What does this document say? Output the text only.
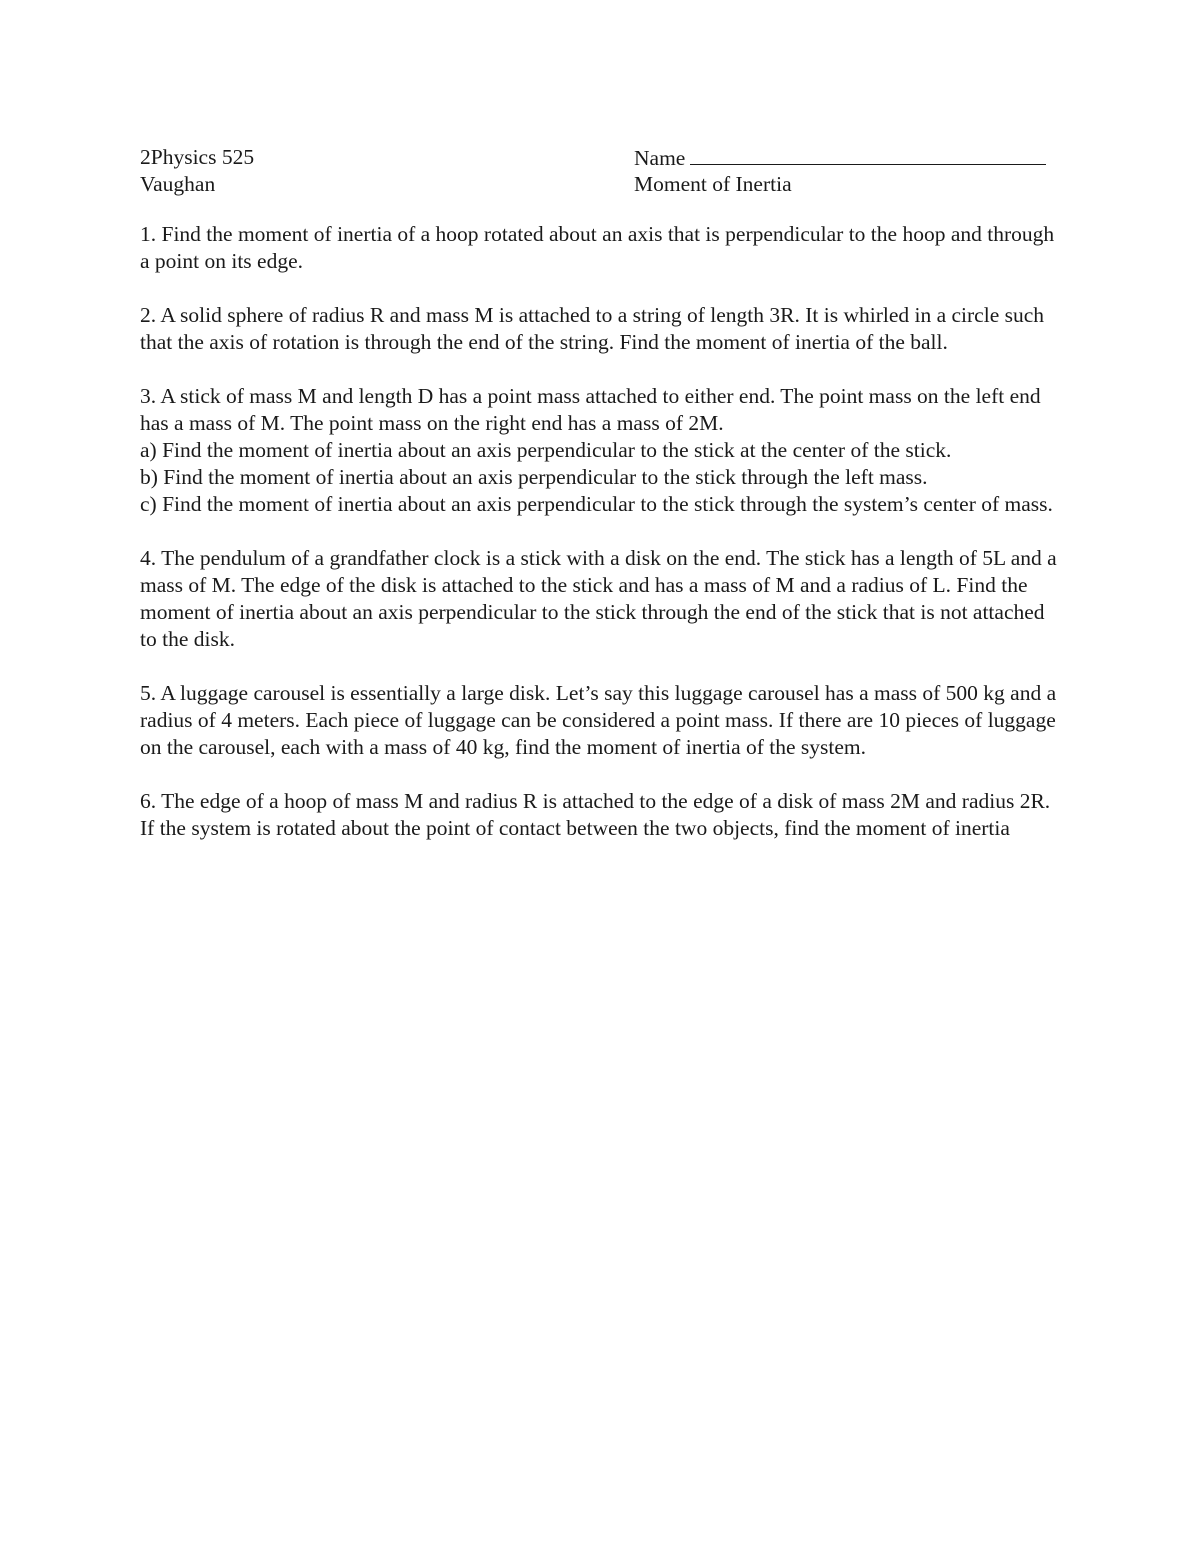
2Physics 525	Name
Vaughan	Moment of Inertia

1. Find the moment of inertia of a hoop rotated about an axis that is perpendicular to the hoop and through a point on its edge.

2. A solid sphere of radius R and mass M is attached to a string of length 3R. It is whirled in a circle such that the axis of rotation is through the end of the string. Find the moment of inertia of the ball.

3. A stick of mass M and length D has a point mass attached to either end. The point mass on the left end has a mass of M. The point mass on the right end has a mass of 2M.

a) Find the moment of inertia about an axis perpendicular to the stick at the center of the stick.

b) Find the moment of inertia about an axis perpendicular to the stick through the left mass.

c) Find the moment of inertia about an axis perpendicular to the stick through the system’s center of mass.

4. The pendulum of a grandfather clock is a stick with a disk on the end. The stick has a length of 5L and a mass of M. The edge of the disk is attached to the stick and has a mass of M and a radius of L. Find the moment of inertia about an axis perpendicular to the stick through the end of the stick that is not attached to the disk.

5. A luggage carousel is essentially a large disk. Let’s say this luggage carousel has a mass of 500 kg and a radius of 4 meters. Each piece of luggage can be considered a point mass. If there are 10 pieces of luggage on the carousel, each with a mass of 40 kg, find the moment of inertia of the system.

6. The edge of a hoop of mass M and radius R is attached to the edge of a disk of mass 2M and radius 2R. If the system is rotated about the point of contact between the two objects, find the moment of inertia
